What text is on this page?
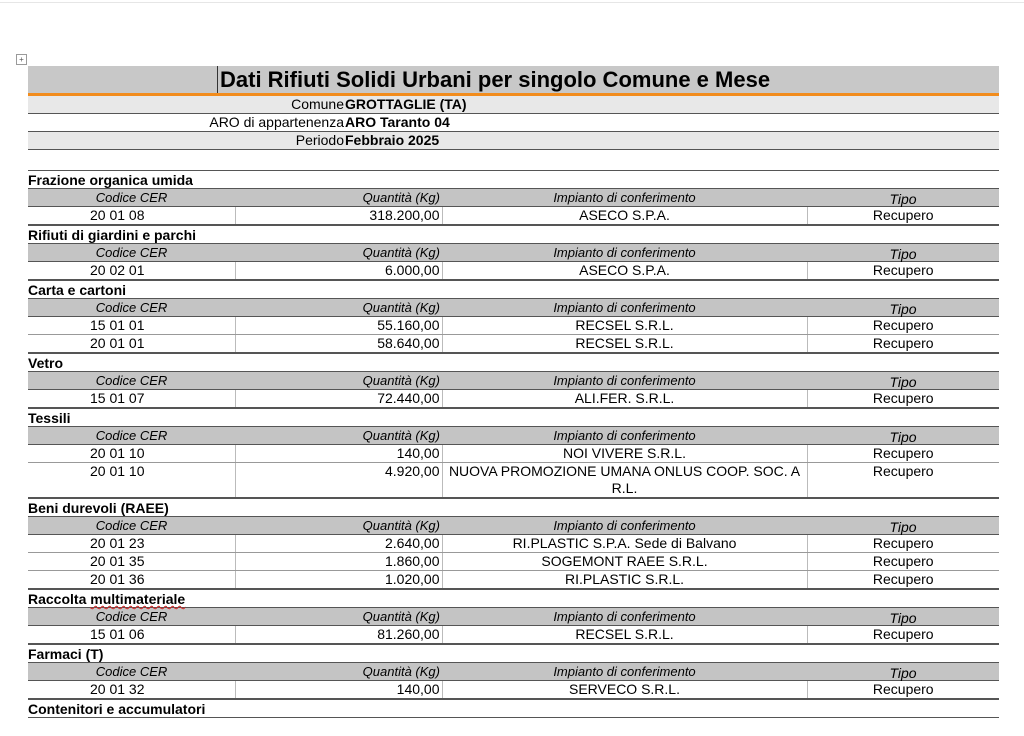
+
Dati Rifiuti Solidi Urbani per singolo Comune e Mese
Comune GROTTAGLIE (TA)
ARO di appartenenza ARO Taranto 04
Periodo Febbraio 2025
Frazione organica umida
Codice CER	Quantità (Kg)	Impianto di conferimento	Tipo
20 01 08	318.200,00	ASECO S.P.A.	Recupero
Rifiuti di giardini e parchi
Codice CER	Quantità (Kg)	Impianto di conferimento	Tipo
20 02 01	6.000,00	ASECO S.P.A.	Recupero
Carta e cartoni
Codice CER	Quantità (Kg)	Impianto di conferimento	Tipo
15 01 01	55.160,00	RECSEL S.R.L.	Recupero
20 01 01	58.640,00	RECSEL S.R.L.	Recupero
Vetro
Codice CER	Quantità (Kg)	Impianto di conferimento	Tipo
15 01 07	72.440,00	ALI.FER. S.R.L.	Recupero
Tessili
Codice CER	Quantità (Kg)	Impianto di conferimento	Tipo
20 01 10	140,00	NOI VIVERE S.R.L.	Recupero
20 01 10	4.920,00	NUOVA PROMOZIONE UMANA ONLUS COOP. SOC. A R.L.	Recupero
Beni durevoli (RAEE)
Codice CER	Quantità (Kg)	Impianto di conferimento	Tipo
20 01 23	2.640,00	RI.PLASTIC S.P.A. Sede di Balvano	Recupero
20 01 35	1.860,00	SOGEMONT RAEE S.R.L.	Recupero
20 01 36	1.020,00	RI.PLASTIC S.R.L.	Recupero
Raccolta multimateriale
Codice CER	Quantità (Kg)	Impianto di conferimento	Tipo
15 01 06	81.260,00	RECSEL S.R.L.	Recupero
Farmaci (T)
Codice CER	Quantità (Kg)	Impianto di conferimento	Tipo
20 01 32	140,00	SERVECO S.R.L.	Recupero
Contenitori e accumulatori
